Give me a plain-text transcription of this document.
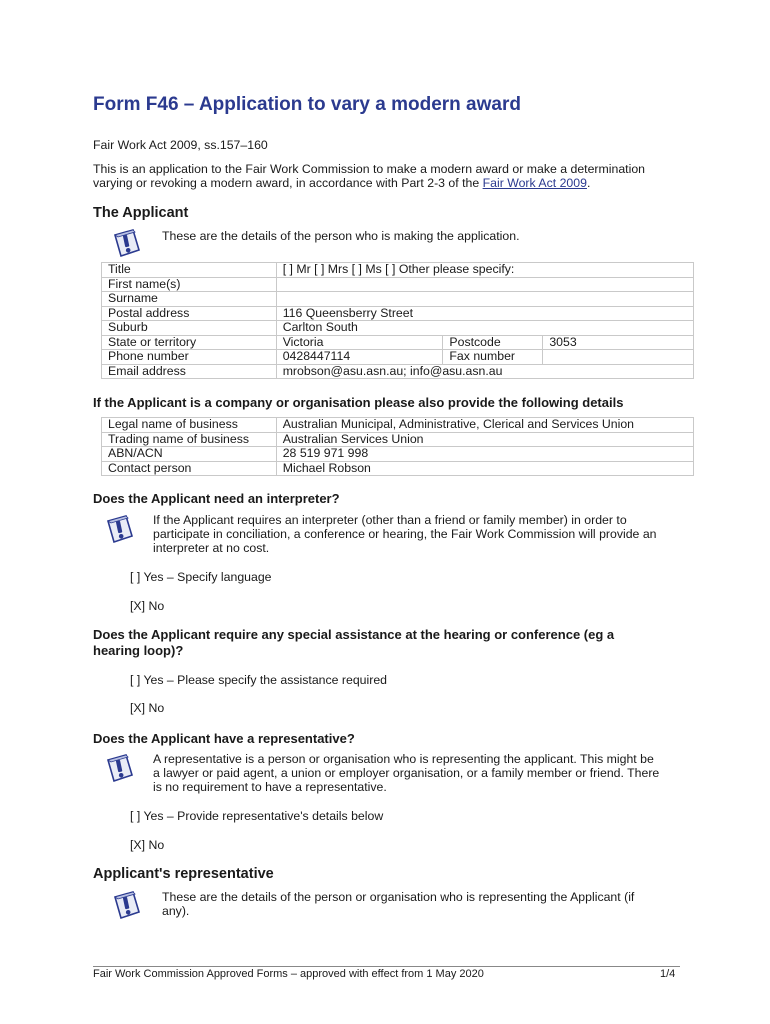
Form F46 – Application to vary a modern award
Fair Work Act 2009, ss.157–160
This is an application to the Fair Work Commission to make a modern award or make a determination
varying or revoking a modern award, in accordance with Part 2-3 of the Fair Work Act 2009.
The Applicant
These are the details of the person who is making the application.
Title	[ ] Mr [ ] Mrs [ ] Ms [ ] Other please specify:		
First name(s)			
Surname			
Postal address	116 Queensberry Street		
Suburb	Carlton South		
State or territory	Victoria	Postcode	3053
Phone number	0428447114	Fax number	
Email address	mrobson@asu.asn.au; info@asu.asn.au		
If the Applicant is a company or organisation please also provide the following details
Legal name of business	Australian Municipal, Administrative, Clerical and Services Union
Trading name of business	Australian Services Union
ABN/ACN	28 519 971 998
Contact person	Michael Robson
Does the Applicant need an interpreter?
If the Applicant requires an interpreter (other than a friend or family member) in order to
participate in conciliation, a conference or hearing, the Fair Work Commission will provide an
interpreter at no cost.
[ ] Yes – Specify language
[X] No
Does the Applicant require any special assistance at the hearing or conference (eg a
hearing loop)?
[ ] Yes – Please specify the assistance required
[X] No
Does the Applicant have a representative?
A representative is a person or organisation who is representing the applicant. This might be
a lawyer or paid agent, a union or employer organisation, or a family member or friend. There
is no requirement to have a representative.
[ ] Yes – Provide representative's details below
[X] No
Applicant's representative
These are the details of the person or organisation who is representing the Applicant (if
any).
Fair Work Commission Approved Forms – approved with effect from 1 May 2020	1/4
